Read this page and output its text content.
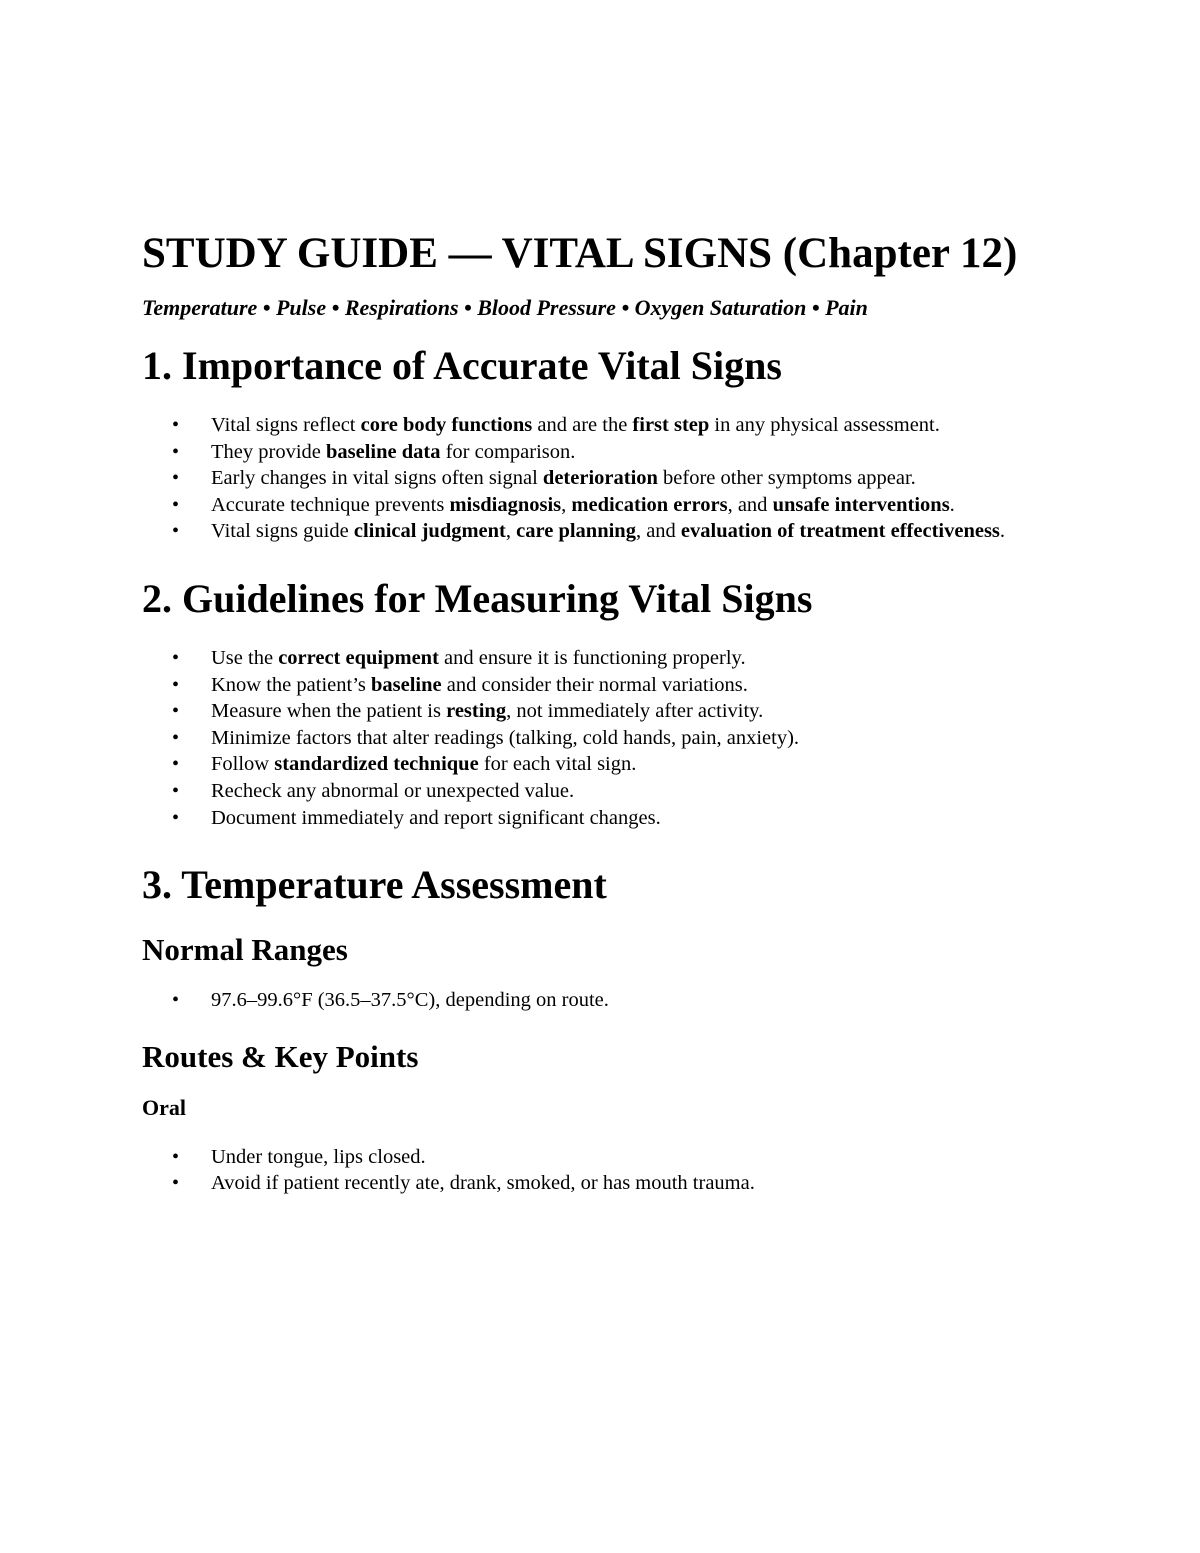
STUDY GUIDE — VITAL SIGNS (Chapter 12)
Temperature • Pulse • Respirations • Blood Pressure • Oxygen Saturation • Pain
1. Importance of Accurate Vital Signs
• Vital signs reflect core body functions and are the first step in any physical assessment.
• They provide baseline data for comparison.
• Early changes in vital signs often signal deterioration before other symptoms appear.
• Accurate technique prevents misdiagnosis, medication errors, and unsafe interventions.
• Vital signs guide clinical judgment, care planning, and evaluation of treatment effectiveness.
2. Guidelines for Measuring Vital Signs
• Use the correct equipment and ensure it is functioning properly.
• Know the patient’s baseline and consider their normal variations.
• Measure when the patient is resting, not immediately after activity.
• Minimize factors that alter readings (talking, cold hands, pain, anxiety).
• Follow standardized technique for each vital sign.
• Recheck any abnormal or unexpected value.
• Document immediately and report significant changes.
3. Temperature Assessment
Normal Ranges
• 97.6–99.6°F (36.5–37.5°C), depending on route.
Routes & Key Points
Oral
• Under tongue, lips closed.
• Avoid if patient recently ate, drank, smoked, or has mouth trauma.
